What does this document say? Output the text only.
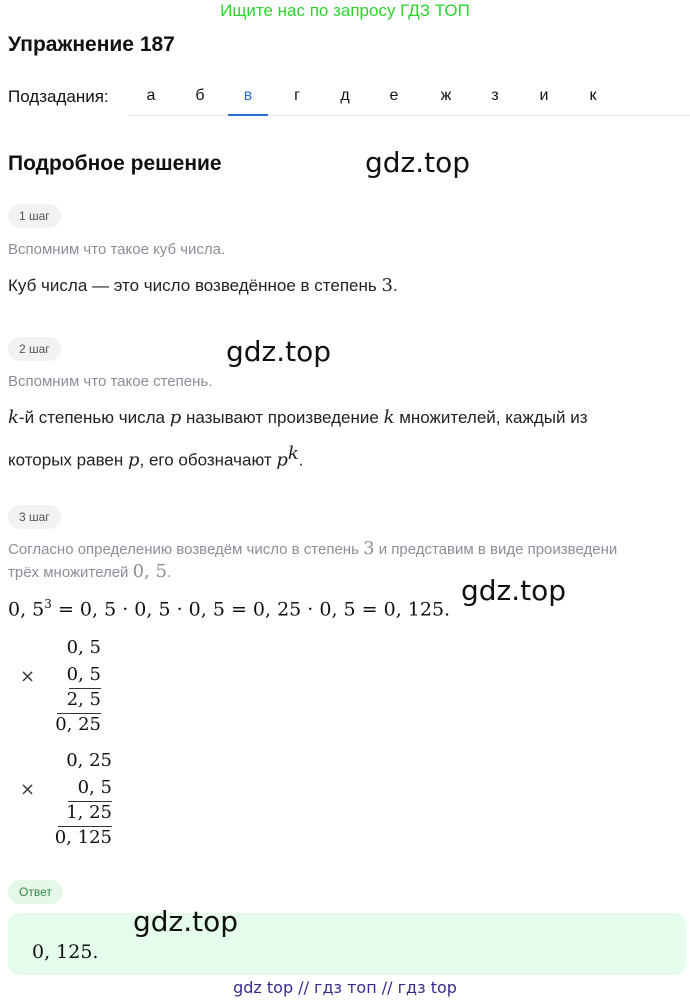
Ищите нас по запросу ГДЗ ТОП
Упражнение 187
Подзадания:	а	б	в	г	д	е	ж	з	и	к
Подробное решение	gdz.top
1 шаг
Вспомним что такое куб числа.
Куб числа — это число возведённое в степень 3.
2 шаг	gdz.top
Вспомним что такое степень.
k-й степенью числа p называют произведение k множителей, каждый из
которых равен p, его обозначают $p^k$.
3 шаг
Согласно определению возведём число в степень 3 и представим в виде произведени
трёх множителей 0, 5.
gdz.top
0, $5^3 = 0$, 5 · 0, 5 · 0, 5 = 0, 25 · 0, 5 = 0, 125.
×
0, 5
0, 5
2, 5
0, 25
×
0, 25
0, 5
1, 25
0, 125
Ответ
0, 125.
gdz.top
gdz top // гдз топ // гдз top
